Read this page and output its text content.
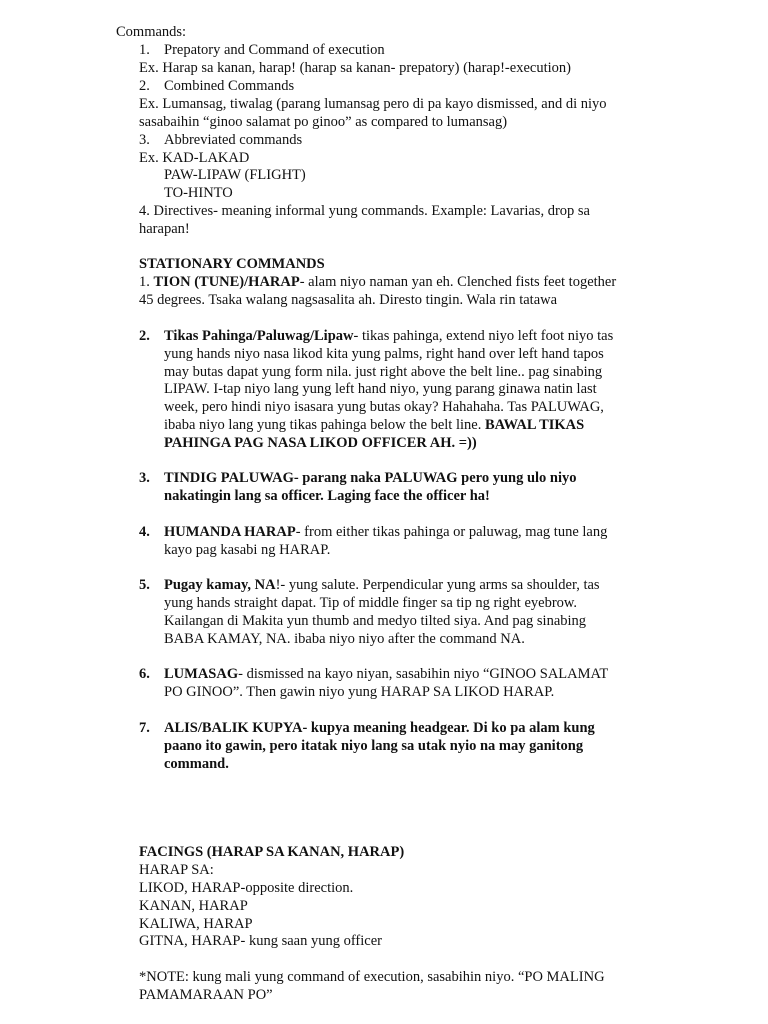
Commands:

1. Prepatory and Command of execution

Ex. Harap sa kanan, harap! (harap sa kanan- prepatory) (harap!-execution)

2. Combined Commands

Ex. Lumansag, tiwalag (parang lumansag pero di pa kayo dismissed, and di niyo

sasabaihin “ginoo salamat po ginoo” as compared to lumansag)

3. Abbreviated commands

Ex. KAD-LAKAD

PAW-LIPAW (FLIGHT)

TO-HINTO

4. Directives- meaning informal yung commands. Example: Lavarias, drop sa

harapan!

STATIONARY COMMANDS

1. TION (TUNE)/HARAP- alam niyo naman yan eh. Clenched fists feet together

45 degrees. Tsaka walang nagsasalita ah. Diresto tingin. Wala rin tatawa

2. Tikas Pahinga/Paluwag/Lipaw- tikas pahinga, extend niyo left foot niyo tas

yung hands niyo nasa likod kita yung palms, right hand over left hand tapos

may butas dapat yung form nila. just right above the belt line.. pag sinabing

LIPAW. I-tap niyo lang yung left hand niyo, yung parang ginawa natin last

week, pero hindi niyo isasara yung butas okay? Hahahaha. Tas PALUWAG,

ibaba niyo lang yung tikas pahinga below the belt line. BAWAL TIKAS

PAHINGA PAG NASA LIKOD OFFICER AH. =))

3. TINDIG PALUWAG- parang naka PALUWAG pero yung ulo niyo

nakatingin lang sa officer. Laging face the officer ha!

4. HUMANDA HARAP- from either tikas pahinga or paluwag, mag tune lang

kayo pag kasabi ng HARAP.

5. Pugay kamay, NA!- yung salute. Perpendicular yung arms sa shoulder, tas

yung hands straight dapat. Tip of middle finger sa tip ng right eyebrow.

Kailangan di Makita yun thumb and medyo tilted siya. And pag sinabing

BABA KAMAY, NA. ibaba niyo niyo after the command NA.

6. LUMASAG- dismissed na kayo niyan, sasabihin niyo “GINOO SALAMAT

PO GINOO”. Then gawin niyo yung HARAP SA LIKOD HARAP.

7. ALIS/BALIK KUPYA- kupya meaning headgear. Di ko pa alam kung

paano ito gawin, pero itatak niyo lang sa utak nyio na may ganitong

command.

FACINGS (HARAP SA KANAN, HARAP)

HARAP SA:

LIKOD, HARAP-opposite direction.

KANAN, HARAP

KALIWA, HARAP

GITNA, HARAP- kung saan yung officer

*NOTE: kung mali yung command of execution, sasabihin niyo. “PO MALING

PAMAMARAAN PO”
